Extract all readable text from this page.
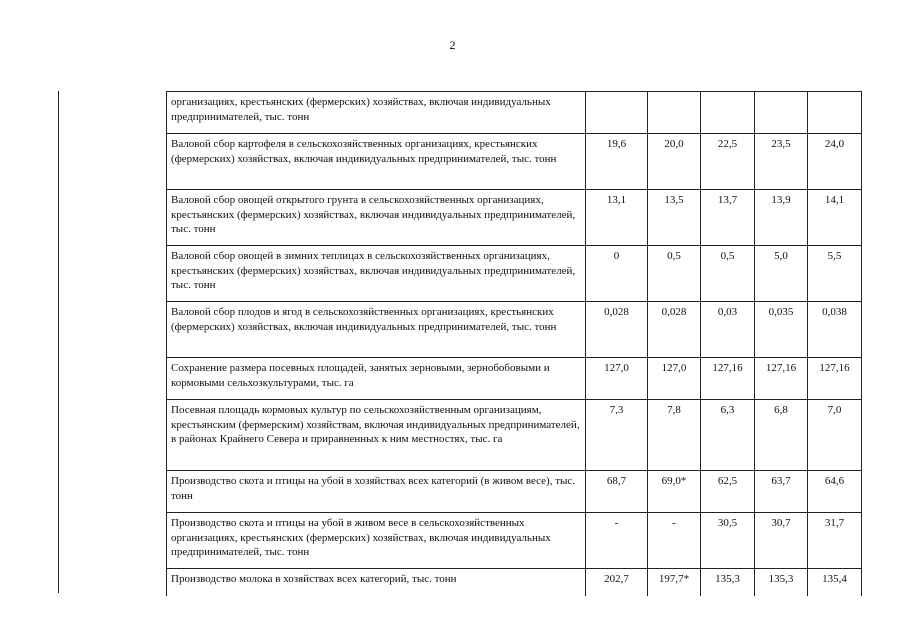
2
организациях, крестьянских (фермерских) хозяйствах, включая индивидуальных предпринимателей, тыс. тонн					
Валовой сбор картофеля в сельскохозяйственных организациях, крестьянских (фермерских) хозяйствах, включая индивидуальных предпринимателей, тыс. тонн	19,6	20,0	22,5	23,5	24,0
Валовой сбор овощей открытого грунта в сельскохозяйственных организациях, крестьянских (фермерских) хозяйствах, включая индивидуальных предпринимателей, тыс. тонн	13,1	13,5	13,7	13,9	14,1
Валовой сбор овощей в зимних теплицах в сельскохозяйственных организациях, крестьянских (фермерских) хозяйствах, включая индивидуальных предпринимателей, тыс. тонн	0	0,5	0,5	5,0	5,5
Валовой сбор плодов и ягод в сельскохозяйственных организациях, крестьянских (фермерских) хозяйствах, включая индивидуальных предпринимателей, тыс. тонн	0,028	0,028	0,03	0,035	0,038
Сохранение размера посевных площадей, занятых зерновыми, зернобобовыми и кормовыми сельхозкультурами, тыс. га	127,0	127,0	127,16	127,16	127,16
Посевная площадь кормовых культур по сельскохозяйственным организациям, крестьянским (фермерским) хозяйствам, включая индивидуальных предпринимателей, в районах Крайнего Севера и приравненных к ним местностях, тыс. га	7,3	7,8	6,3	6,8	7,0
Производство скота и птицы на убой в хозяйствах всех категорий (в живом весе), тыс. тонн	68,7	69,0*	62,5	63,7	64,6
Производство скота и птицы на убой в живом весе в сельскохозяйственных организациях, крестьянских (фермерских) хозяйствах, включая индивидуальных предпринимателей, тыс. тонн	-	-	30,5	30,7	31,7
Производство молока в хозяйствах всех категорий, тыс. тонн	202,7	197,7*	135,3	135,3	135,4
